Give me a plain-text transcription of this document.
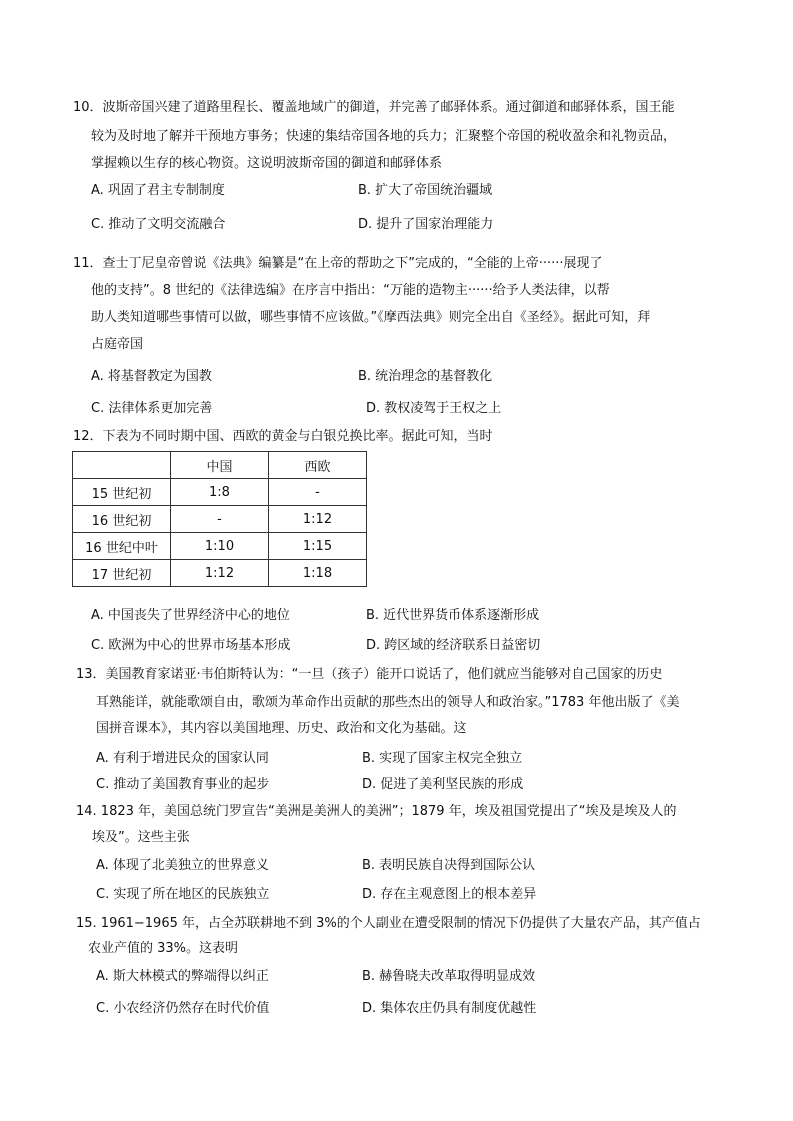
10．波斯帝国兴建了道路里程长、覆盖地域广的御道，并完善了邮驿体系。通过御道和邮驿体系，国王能
较为及时地了解并干预地方事务；快速的集结帝国各地的兵力；汇聚整个帝国的税收盈余和礼物贡品，
掌握赖以生存的核心物资。这说明波斯帝国的御道和邮驿体系
A. 巩固了君主专制制度	B. 扩大了帝国统治疆域
C. 推动了文明交流融合	D. 提升了国家治理能力
11．查士丁尼皇帝曾说《法典》编纂是“在上帝的帮助之下”完成的，“全能的上帝······展现了
他的支持”。8 世纪的《法律选编》在序言中指出：“万能的造物主······给予人类法律，以帮
助人类知道哪些事情可以做，哪些事情不应该做。”《摩西法典》则完全出自《圣经》。据此可知，拜
占庭帝国
A. 将基督教定为国教	B. 统治理念的基督教化
C. 法律体系更加完善	D. 教权凌驾于王权之上
12．下表为不同时期中国、西欧的黄金与白银兑换比率。据此可知，当时
	中国	西欧
15 世纪初	1:8	-
16 世纪初	-	1:12
16 世纪中叶	1:10	1:15
17 世纪初	1:12	1:18
A. 中国丧失了世界经济中心的地位	B. 近代世界货币体系逐渐形成
C. 欧洲为中心的世界市场基本形成	D. 跨区域的经济联系日益密切
13．美国教育家诺亚·韦伯斯特认为：“一旦（孩子）能开口说话了，他们就应当能够对自己国家的历史
耳熟能详，就能歌颂自由，歌颂为革命作出贡献的那些杰出的领导人和政治家。”1783 年他出版了《美
国拼音课本》，其内容以美国地理、历史、政治和文化为基础。这
A. 有利于增进民众的国家认同	B. 实现了国家主权完全独立
C. 推动了美国教育事业的起步	D. 促进了美利坚民族的形成
14. 1823 年，美国总统门罗宣告“美洲是美洲人的美洲”；1879 年，埃及祖国党提出了“埃及是埃及人的
埃及”。这些主张
A. 体现了北美独立的世界意义	B. 表明民族自决得到国际公认
C. 实现了所在地区的民族独立	D. 存在主观意图上的根本差异
15. 1961−1965 年，占全苏联耕地不到 3%的个人副业在遭受限制的情况下仍提供了大量农产品，其产值占
农业产值的 33%。这表明
A. 斯大林模式的弊端得以纠正	B. 赫鲁晓夫改革取得明显成效
C. 小农经济仍然存在时代价值	D. 集体农庄仍具有制度优越性
